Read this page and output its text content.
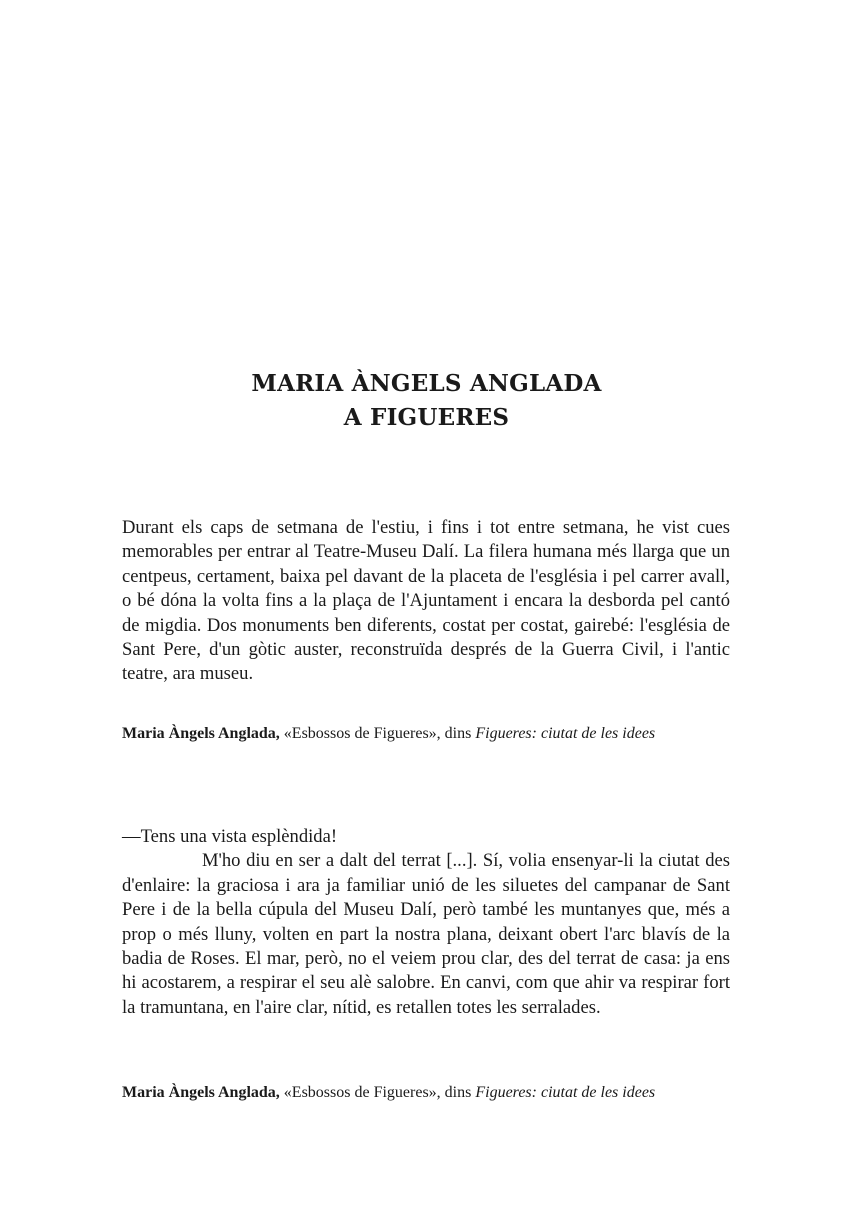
MARIA ÀNGELS ANGLADA
A FIGUERES

Durant els caps de setmana de l'estiu, i fins i tot entre setmana, he vist cues memorables per entrar al Teatre-Museu Dalí. La filera humana més llarga que un centpeus, certament, baixa pel davant de la placeta de l'església i pel carrer avall, o bé dóna la volta fins a la plaça de l'Ajuntament i encara la desborda pel cantó de migdia. Dos monuments ben diferents, costat per costat, gairebé: l'església de Sant Pere, d'un gòtic auster, reconstruïda després de la Guerra Civil, i l'antic teatre, ara museu.

Maria Àngels Anglada, «Esbossos de Figueres», dins Figueres: ciutat de les idees

—Tens una vista esplèndida!

M'ho diu en ser a dalt del terrat [...]. Sí, volia ensenyar-li la ciutat des d'enlaire: la graciosa i ara ja familiar unió de les siluetes del campanar de Sant Pere i de la bella cúpula del Museu Dalí, però també les muntanyes que, més a prop o més lluny, volten en part la nostra plana, deixant obert l'arc blavís de la badia de Roses. El mar, però, no el veiem prou clar, des del terrat de casa: ja ens hi acostarem, a respirar el seu alè salobre. En canvi, com que ahir va respirar fort la tramuntana, en l'aire clar, nítid, es retallen totes les serralades.

Maria Àngels Anglada, «Esbossos de Figueres», dins Figueres: ciutat de les idees
